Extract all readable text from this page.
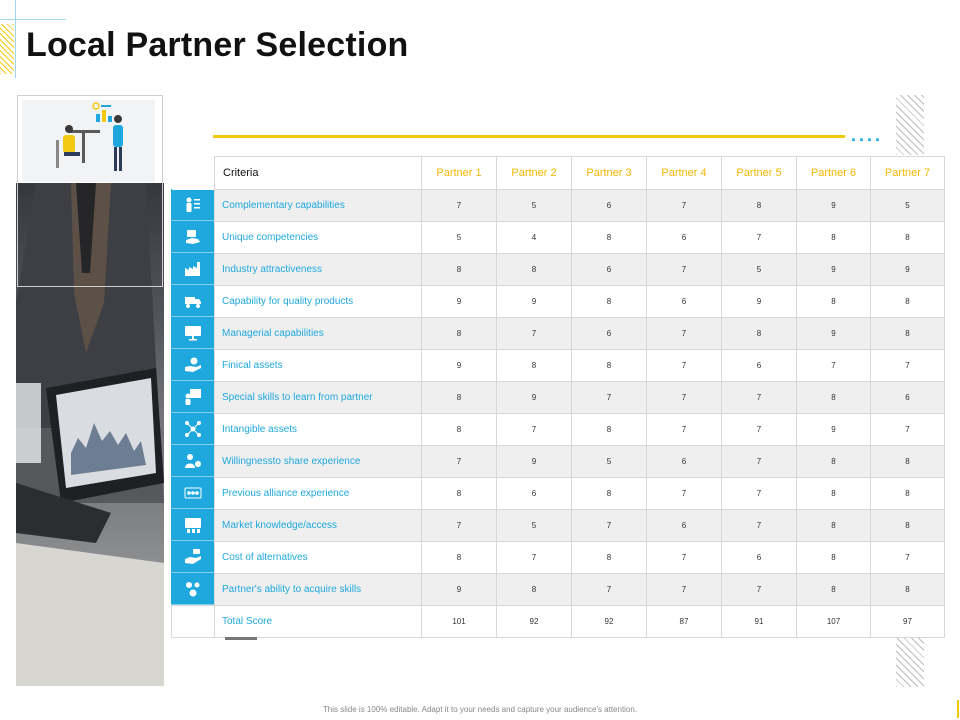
Local Partner Selection
....
	Criteria	Partner 1	Partner 2	Partner 3	Partner 4	Partner 5	Partner 6	Partner 7
	Complementary capabilities	7	5	6	7	8	9	5
	Unique competencies	5	4	8	6	7	8	8
	Industry attractiveness	8	8	6	7	5	9	9
	Capability for quality products	9	9	8	6	9	8	8
	Managerial capabilities	8	7	6	7	8	9	8
	Finical assets	9	8	8	7	6	7	7
	Special skills to learn from partner	8	9	7	7	7	8	6
	Intangible assets	8	7	8	7	7	9	7
	Willingnessto share experience	7	9	5	6	7	8	8
	Previous alliance experience	8	6	8	7	7	8	8
	Market knowledge/access	7	5	7	6	7	8	8
	Cost of alternatives	8	7	8	7	6	8	7
	Partner's ability to acquire skills	9	8	7	7	7	8	8
	Total Score	101	92	92	87	91	107	97
This slide is 100% editable. Adapt it to your needs and capture your audience's attention.
